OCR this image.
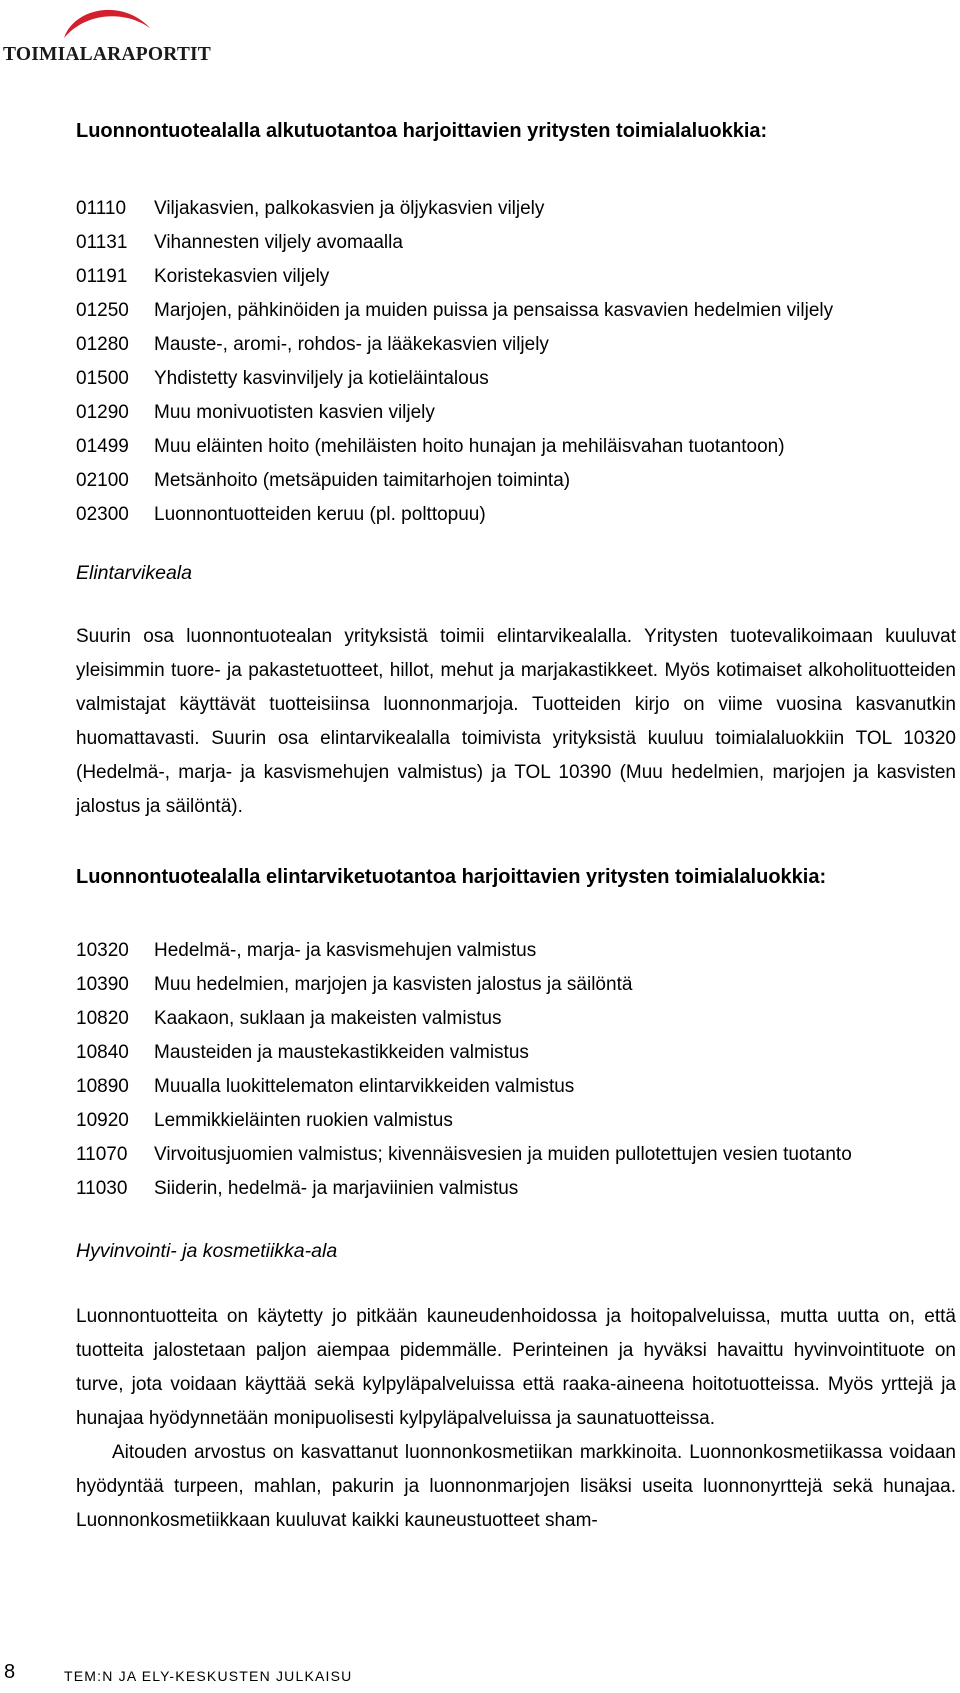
TOIMIALARAPORTIT
Luonnontuotealalla alkutuotantoa harjoittavien yritysten toimialaluokkia:
01110 Viljakasvien, palkokasvien ja öljykasvien viljely
01131 Vihannesten viljely avomaalla
01191 Koristekasvien viljely
01250 Marjojen, pähkinöiden ja muiden puissa ja pensaissa kasvavien hedelmien viljely
01280 Mauste-, aromi-, rohdos- ja lääkekasvien viljely
01500 Yhdistetty kasvinviljely ja kotieläintalous
01290 Muu monivuotisten kasvien viljely
01499 Muu eläinten hoito (mehiläisten hoito hunajan ja mehiläisvahan tuotantoon)
02100 Metsänhoito (metsäpuiden taimitarhojen toiminta)
02300 Luonnontuotteiden keruu (pl. polttopuu)
Elintarvikeala

Suurin osa luonnontuotealan yrityksistä toimii elintarvikealalla. Yritysten tuotevalikoimaan kuuluvat yleisimmin tuore- ja pakastetuotteet, hillot, mehut ja marjakastikkeet. Myös kotimaiset alkoholituotteiden valmistajat käyttävät tuotteisiinsa luonnonmarjoja. Tuotteiden kirjo on viime vuosina kasvanutkin huomattavasti. Suurin osa elintarvikealalla toimivista yrityksistä kuuluu toimialaluokkiin TOL 10320 (Hedelmä-, marja- ja kasvismehujen valmistus) ja TOL 10390 (Muu hedelmien, marjojen ja kasvisten jalostus ja säilöntä).

Luonnontuotealalla elintarviketuotantoa harjoittavien yritysten toimialaluokkia:
10320 Hedelmä-, marja- ja kasvismehujen valmistus
10390 Muu hedelmien, marjojen ja kasvisten jalostus ja säilöntä
10820 Kaakaon, suklaan ja makeisten valmistus
10840 Mausteiden ja maustekastikkeiden valmistus
10890 Muualla luokittelematon elintarvikkeiden valmistus
10920 Lemmikkieläinten ruokien valmistus
11070 Virvoitusjuomien valmistus; kivennäisvesien ja muiden pullotettujen vesien tuotanto
11030 Siiderin, hedelmä- ja marjaviinien valmistus
Hyvinvointi- ja kosmetiikka-ala

Luonnontuotteita on käytetty jo pitkään kauneudenhoidossa ja hoitopalveluissa, mutta uutta on, että tuotteita jalostetaan paljon aiempaa pidemmälle. Perinteinen ja hyväksi havaittu hyvinvointituote on turve, jota voidaan käyttää sekä kylpyläpalveluissa että raaka-aineena hoitotuotteissa. Myös yrttejä ja hunajaa hyödynnetään monipuolisesti kylpyläpalveluissa ja saunatuotteissa.

Aitouden arvostus on kasvattanut luonnonkosmetiikan markkinoita. Luonnonkosmetiikassa voidaan hyödyntää turpeen, mahlan, pakurin ja luonnonmarjojen lisäksi useita luonnonyrttejä sekä hunajaa. Luonnonkosmetiikkaan kuuluvat kaikki kauneustuotteet sham-

8	TEM:N JA ELY-KESKUSTEN JULKAISU
